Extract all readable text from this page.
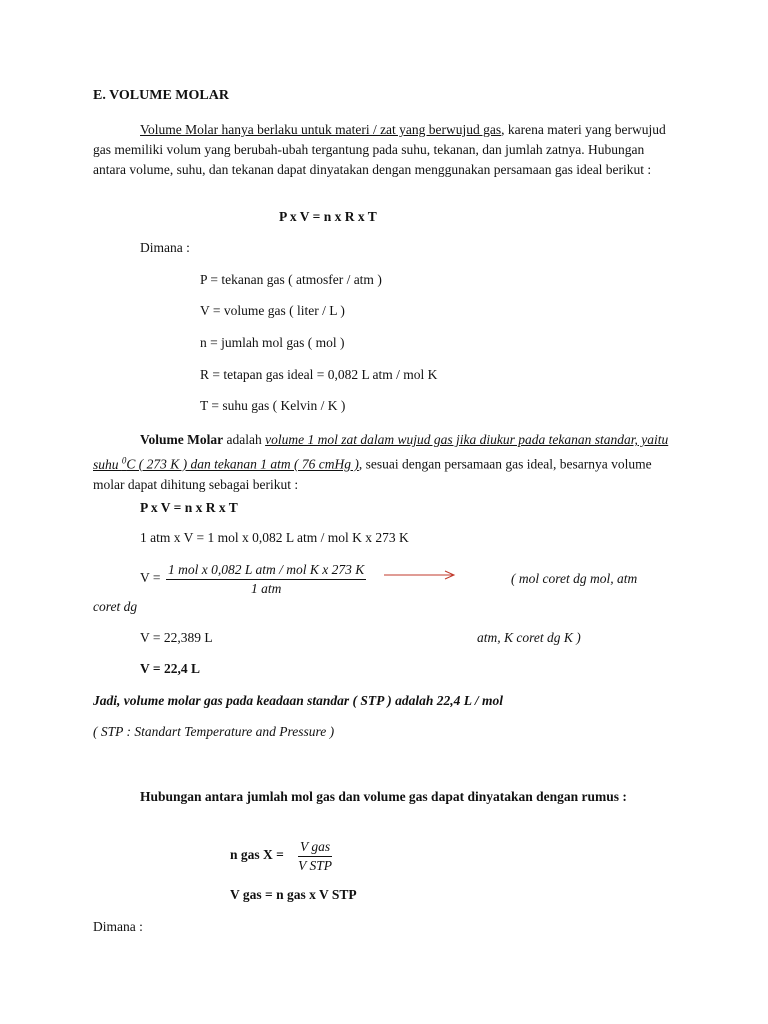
E. VOLUME MOLAR
Volume Molar hanya berlaku untuk materi / zat yang berwujud gas, karena materi yang berwujud gas memiliki volum yang berubah-ubah tergantung pada suhu, tekanan, dan jumlah zatnya. Hubungan antara volume, suhu, dan tekanan dapat dinyatakan dengan menggunakan persamaan gas ideal berikut :
P x V = n x R x T
Dimana :
P = tekanan gas ( atmosfer / atm )
V = volume gas ( liter / L )
n = jumlah mol gas ( mol )
R = tetapan gas ideal = 0,082 L atm / mol K
T = suhu gas ( Kelvin / K )
Volume Molar adalah volume 1 mol zat dalam wujud gas jika diukur pada tekanan standar, yaitu suhu $^0$C ( 273 K ) dan tekanan 1 atm ( 76 cmHg ), sesuai dengan persamaan gas ideal, besarnya volume molar dapat dihitung sebagai berikut :
P x V = n x R x T
1 atm x V = 1 mol x 0,082 L atm / mol K x 273 K
V =
1 mol x 0,082 L atm / mol K x 273 K
1 atm
( mol coret dg mol, atm
coret dg
V = 22,389 L	atm, K coret dg K )
V = 22,4 L
Jadi, volume molar gas pada keadaan standar ( STP ) adalah 22,4 L / mol
( STP : Standart Temperature and Pressure )
Hubungan antara jumlah mol gas dan volume gas dapat dinyatakan dengan rumus :
n gas X =
V gas
V STP
V gas = n gas x V STP
Dimana :
